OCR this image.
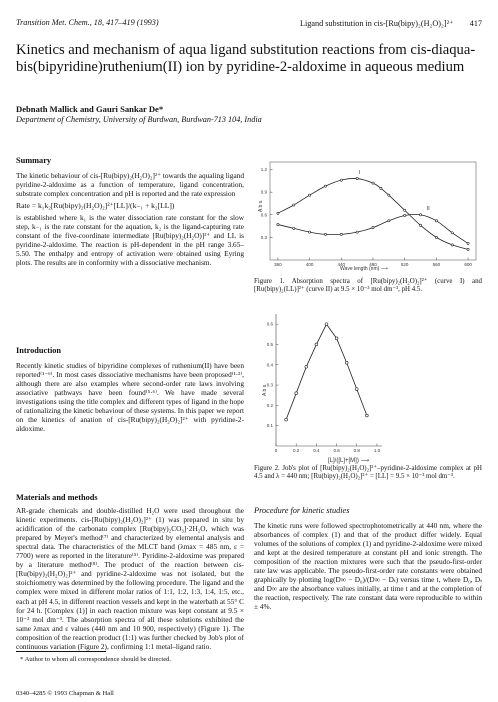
Transition Met. Chem., 18, 417–419 (1993)	Ligand substitution in cis-[Ru(bipy)₂(H₂O)₂]²⁺ 417
Kinetics and mechanism of aqua ligand substitution reactions from cis-diaqua-bis(bipyridine)ruthenium(II) ion by pyridine-2-aldoxime in aqueous medium
Debnath Mallick and Gauri Sankar De*
Department of Chemistry, University of Burdwan, Burdwan-713 104, India
Summary
The kinetic behaviour of cis-[Ru(bipy)₂(H₂O)₂]²⁺ towards the aqualing ligand pyridine-2-aldoxime as a function of temperature, ligand concentration, substrate complex concentration and pH is reported and the rate expression
Rate = k₁k₂[Ru(bipy)₂(H₂O)₂]²⁺[LL]/(k₋₁ + k₂[LL])
is established where k₁ is the water dissociation rate constant for the slow step, k₋₁ is the rate constant for the aquation, k₂ is the ligand-capturing rate constant of the five-coordinate intermediate [Ru(bipy)₂(H₂O)]²⁺ and LL is pyridine-2-aldoxime. The reaction is pH-dependent in the pH range 3.65–5.50. The enthalpy and entropy of activation were obtained using Eyring plots. The results are in conformity with a dissociative mechanism.
Introduction
Recently kinetic studies of bipyridine complexes of ruthenium(II) have been reported⁽¹⁻⁶⁾. In most cases dissociative mechanisms have been proposed⁽¹·²⁾, although there are also examples where second-order rate laws involving associative pathways have been found⁽⁵·⁶⁾. We have made several investigations using the title complex and different types of ligand in the hope of rationalizing the kinetic behaviour of these systems. In this paper we report on the kinetics of anation of cis-[Ru(bipy)₂(H₂O)₂]²⁺ with pyridine-2-aldoxime.
Materials and methods
AR-grade chemicals and double-distilled H₂O were used throughout the kinetic experiments. cis-[Ru(bipy)₂(H₂O)₂]²⁺ (1) was prepared in situ by acidification of the carbonato complex [Ru(bipy)₂CO₃]·2H₂O, which was prepared by Meyer's method⁽⁷⁾ and characterized by elemental analysis and spectral data. The characteristics of the MLCT band (λmax = 485 nm, ε = 7700) were as reported in the literature⁽⁵⁾. Pyridine-2-aldoxime was prepared by a literature method⁽⁸⁾. The product of the reaction between cis-[Ru(bipy)₂(H₂O)₂]²⁺ and pyridine-2-aldoxime was not isolated, but the stoichiometry was determined by the following procedure. The ligand and the complex were mixed in different molar ratios of 1:1, 1:2, 1:3, 1:4, 1:5, etc., each at pH 4.5, in different reaction vessels and kept in the waterbath at 55° C for 24 h. [Complex (1)] in each reaction mixture was kept constant at 9.5 × 10⁻³ mol dm⁻³. The absorption spectra of all these solutions exhibited the same λmax and ε values (440 nm and 10 900, respectively) (Figure 1). The composition of the reaction product (1:1) was further checked by Job's plot of continuous variation (Figure 2), confirming 1:1 metal–ligand ratio.
* Author to whom all correspondence should be directed.
0340–4285 © 1993 Chapman & Hall
360	400	440	480	520	560	600
0.3
0.6
0.9
1.2
I
II
A b s.
Wave length (nm) ⟶
Figure 1. Absorption spectra of [Ru(bipy)₂(H₂O)₂]²⁺ (curve I) and [Ru(bipy)₂(LL)]²⁺ (curve II) at 9.5 × 10⁻³ mol dm⁻³, pH 4.5.
0	0.2	0.4	0.6	0.8	1.0
0.1
0.2
0.3
0.4
0.5
0.6
A b s.
[L]/([L]+[M]) ⟶
Figure 2. Job's plot of [Ru(bipy)₂(H₂O)₂]²⁺–pyridine-2-aldoxime complex at pH 4.5 and λ = 440 nm; [Ru(bipy)₂(H₂O)₂]²⁺ = [LL] = 9.5 × 10⁻³ mol dm⁻³.
Procedure for kinetic studies
The kinetic runs were followed spectrophotometrically at 440 nm, where the absorbances of complex (1) and that of the product differ widely. Equal volumes of the solutions of complex (1) and pyridine-2-aldoxime were mixed and kept at the desired temperature at constant pH and ionic strength. The composition of the reaction mixtures were such that the pseudo-first-order rate law was applicable. The pseudo-first-order rate constants were obtained graphically by plotting log(D∞ − D₀)/(D∞ − Dₜ) versus time t, where D₀, Dₜ and D∞ are the absorbance values initially, at time t and at the completion of the reaction, respectively. The rate constant data were reproducible to within ± 4%.
